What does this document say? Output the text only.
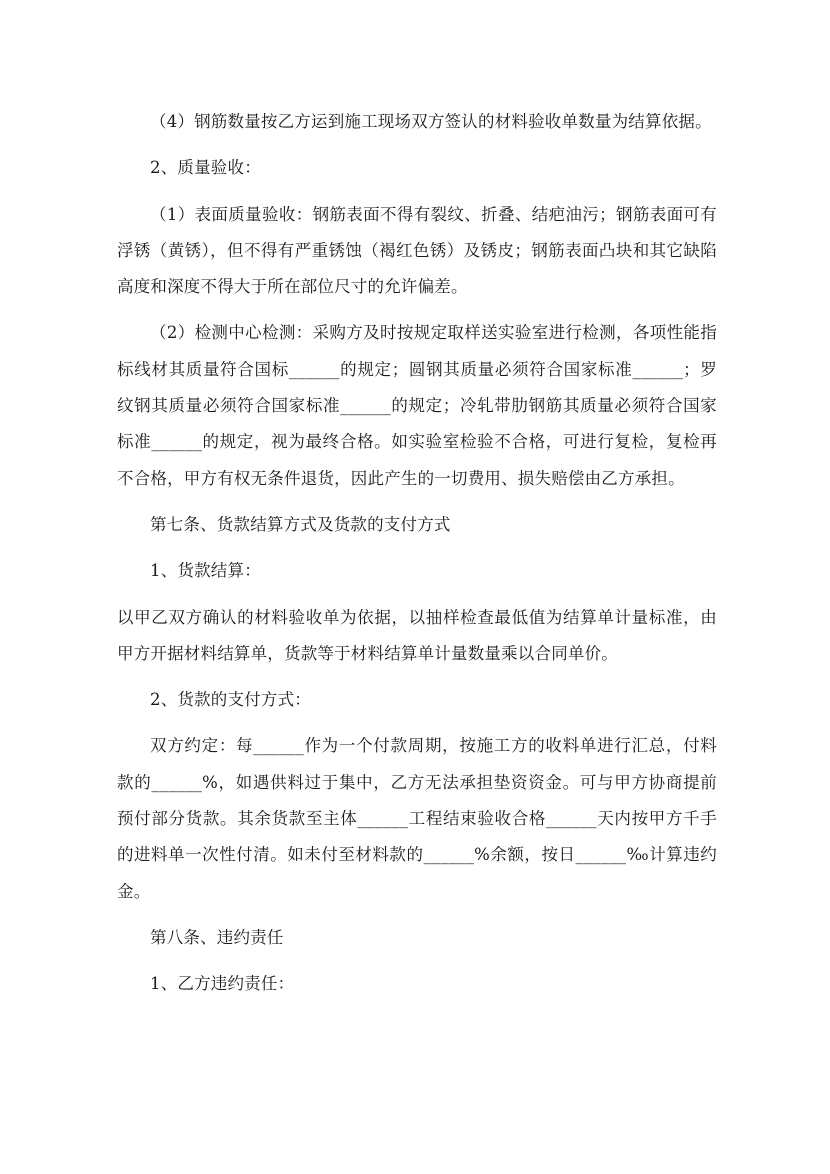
（4）钢筋数量按乙方运到施工现场双方签认的材料验收单数量为结算依据。

2、质量验收：

（1）表面质量验收：钢筋表面不得有裂纹、折叠、结疤油污；钢筋表面可有浮锈（黄锈），但不得有严重锈蚀（褐红色锈）及锈皮；钢筋表面凸块和其它缺陷高度和深度不得大于所在部位尺寸的允许偏差。

（2）检测中心检测：采购方及时按规定取样送实验室进行检测，各项性能指标线材其质量符合国标______的规定；圆钢其质量必须符合国家标准______；罗纹钢其质量必须符合国家标准______的规定；冷轧带肋钢筋其质量必须符合国家标准______的规定，视为最终合格。如实验室检验不合格，可进行复检，复检再不合格，甲方有权无条件退货，因此产生的一切费用、损失赔偿由乙方承担。

第七条、货款结算方式及货款的支付方式

1、货款结算：

以甲乙双方确认的材料验收单为依据，以抽样检查最低值为结算单计量标准，由甲方开据材料结算单，货款等于材料结算单计量数量乘以合同单价。

2、货款的支付方式：

双方约定：每______作为一个付款周期，按施工方的收料单进行汇总，付料款的______%，如遇供料过于集中，乙方无法承担垫资资金。可与甲方协商提前预付部分货款。其余货款至主体______工程结束验收合格______天内按甲方千手的进料单一次性付清。如未付至材料款的______%余额，按日______‰计算违约金。

第八条、违约责任

1、乙方违约责任：
